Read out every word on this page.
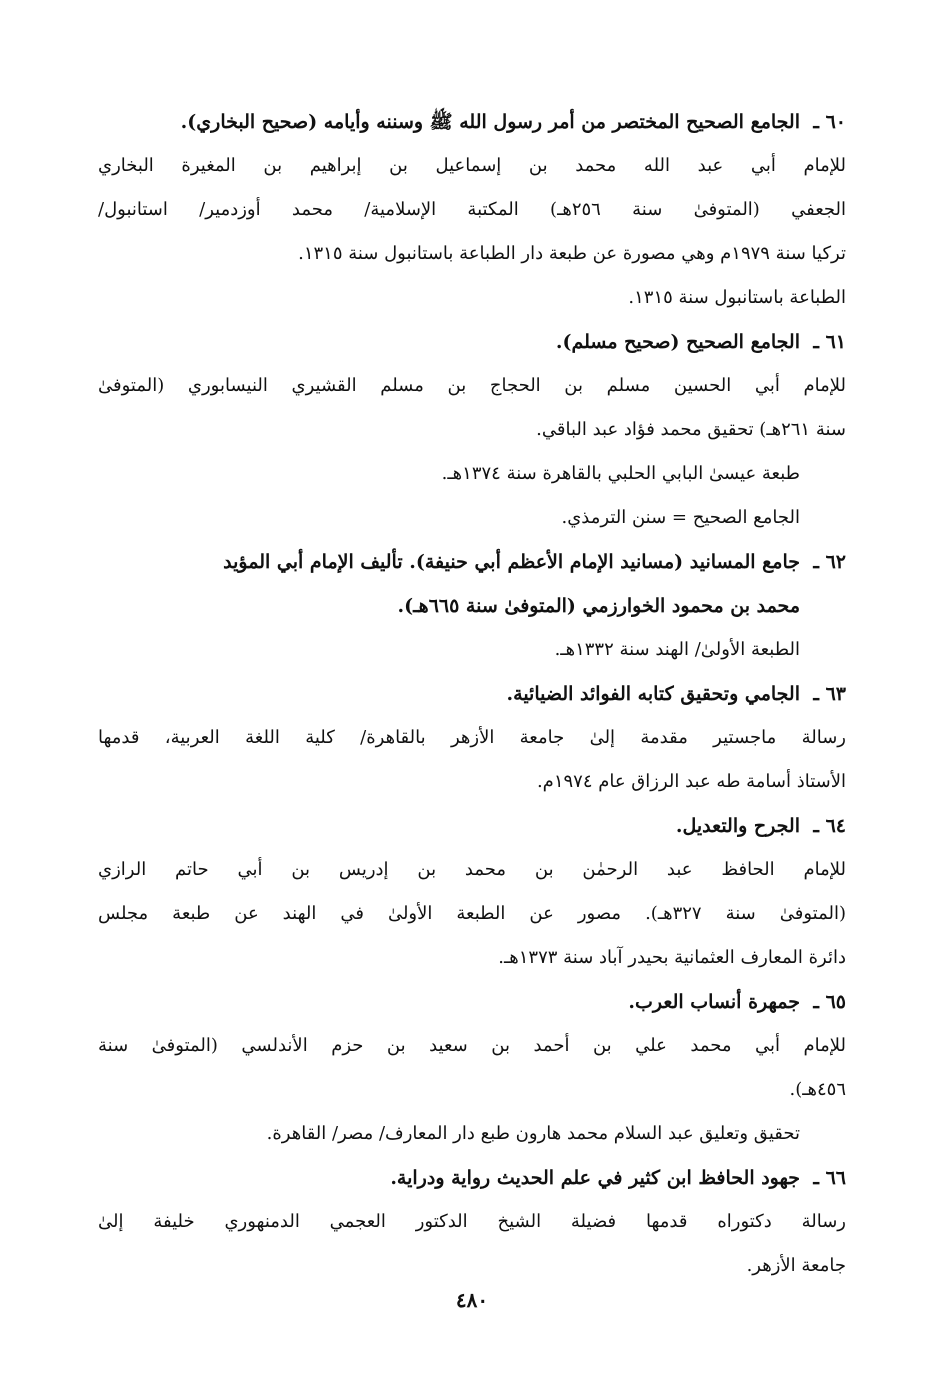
٦٠ ـ
الجامع الصحيح المختصر من أمر رسول الله ﷺ وسننه وأيامه (صحيح البخاري).
للإمام أبي عبد الله محمد بن إسماعيل بن إبراهيم بن المغيرة البخاري
الجعفي (المتوفىٰ سنة ٢٥٦هـ) المكتبة الإسلامية/ محمد أوزدمير/ استانبول/
تركيا سنة ١٩٧٩م وهي مصورة عن طبعة دار الطباعة باستانبول سنة ١٣١٥.
الطباعة باستانبول سنة ١٣١٥.
٦١ ـ
الجامع الصحيح (صحيح مسلم).
للإمام أبي الحسين مسلم بن الحجاج بن مسلم القشيري النيسابوري (المتوفىٰ
سنة ٢٦١هـ) تحقيق محمد فؤاد عبد الباقي.
طبعة عيسىٰ البابي الحلبي بالقاهرة سنة ١٣٧٤هـ.
الجامع الصحيح = سنن الترمذي.
٦٢ ـ
جامع المسانيد (مسانيد الإمام الأعظم أبي حنيفة). تأليف الإمام أبي المؤيد
محمد بن محمود الخوارزمي (المتوفىٰ سنة ٦٦٥هـ).
الطبعة الأولىٰ/ الهند سنة ١٣٣٢هـ.
٦٣ ـ
الجامي وتحقيق كتابه الفوائد الضيائية.
رسالة ماجستير مقدمة إلىٰ جامعة الأزهر بالقاهرة/ كلية اللغة العربية، قدمها
الأستاذ أسامة طه عبد الرزاق عام ١٩٧٤م.
٦٤ ـ
الجرح والتعديل.
للإمام الحافظ عبد الرحمٰن بن محمد بن إدريس بن أبي حاتم الرازي
(المتوفىٰ سنة ٣٢٧هـ). مصور عن الطبعة الأولىٰ في الهند عن طبعة مجلس
دائرة المعارف العثمانية بحيدر آباد سنة ١٣٧٣هـ.
٦٥ ـ
جمهرة أنساب العرب.
للإمام أبي محمد علي بن أحمد بن سعيد بن حزم الأندلسي (المتوفىٰ سنة
٤٥٦هـ).
تحقيق وتعليق عبد السلام محمد هارون طبع دار المعارف/ مصر/ القاهرة.
٦٦ ـ
جهود الحافظ ابن كثير في علم الحديث رواية ودراية.
رسالة دكتوراه قدمها فضيلة الشيخ الدكتور العجمي الدمنهوري خليفة إلىٰ
جامعة الأزهر.
٤٨٠
